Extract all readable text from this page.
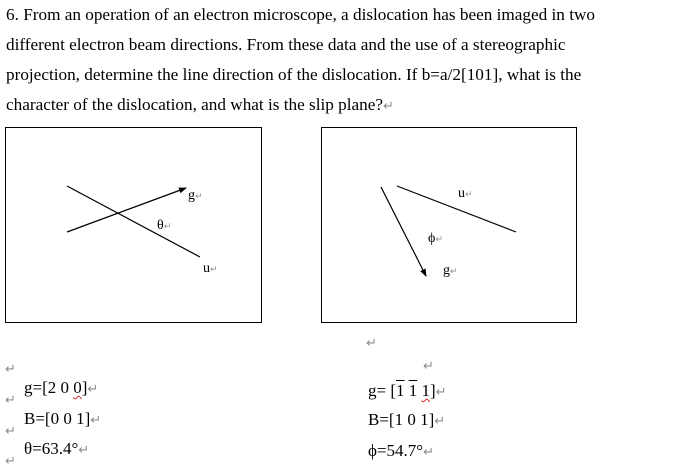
6. From an operation of an electron microscope, a dislocation has been imaged in two
different electron beam directions. From these data and the use of a stereographic
projection, determine the line direction of the dislocation. If b=a/2[101], what is the
character of the dislocation, and what is the slip plane?↵
g↵
θ↵
u↵
u↵
ϕ↵
g↵
↵
↵
↵
↵
↵
↵
g=[2 0 0]↵
B=[0 0 1]↵
θ=63.4°↵
g= [1 1 1]↵
B=[1 0 1]↵
ϕ=54.7°↵
